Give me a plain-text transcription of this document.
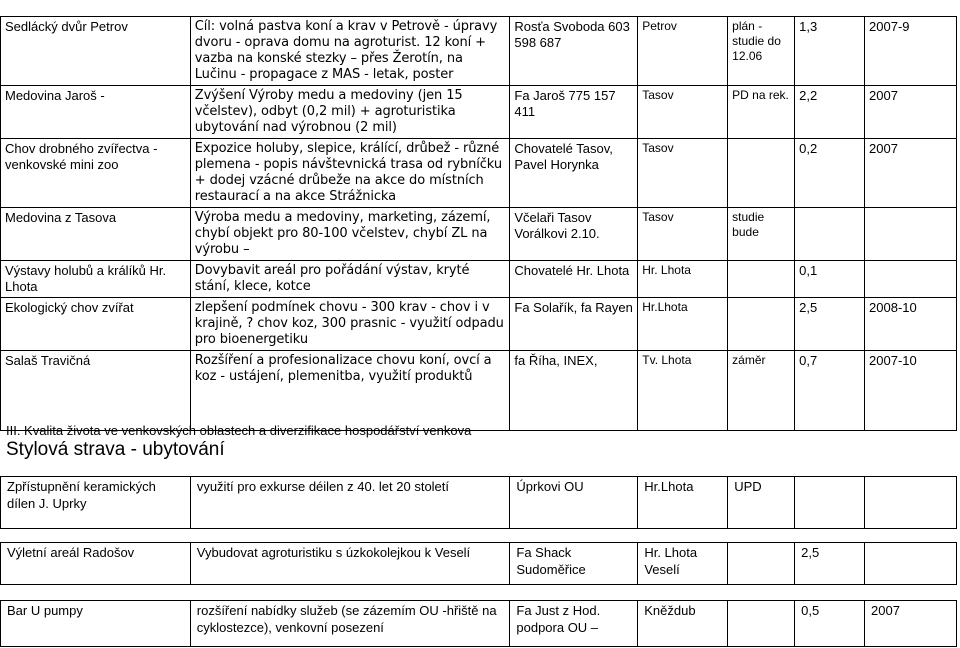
Sedlácký dvůr Petrov	Cíl: volná pastva koní a krav v Petrově - úpravy dvoru - oprava domu na agroturist. 12 koní + vazba na konské stezky – přes Žerotín, na Lučinu - propagace z MAS - letak, poster	Rosťa Svoboda 603 598 687	Petrov	plán - studie do 12.06	1,3	2007-9
Medovina Jaroš -	Zvýšení Výroby medu a medoviny (jen 15 včelstev), odbyt (0,2 mil) + agroturistika ubytování nad výrobnou (2 mil)	Fa Jaroš 775 157 411	Tasov	PD na rek.	2,2	2007
Chov drobného zvířectva - venkovské mini zoo	Expozice holuby, slepice, králící, drůbež - různé plemena - popis návštevnická trasa od rybníčku + dodej vzácné drůbeže na akce do místních restaurací a na akce Strážnicka	Chovatelé Tasov, Pavel Horynka	Tasov		0,2	2007
Medovina z Tasova	Výroba medu a medoviny, marketing, zázemí, chybí objekt pro 80-100 včelstev, chybí ZL na výrobu –	Včelaři Tasov Vorálkovi 2.10.	Tasov	studie bude		
Výstavy holubů a králíků Hr. Lhota	Dovybavit areál pro pořádání výstav, kryté stání, klece, kotce	Chovatelé Hr. Lhota	Hr. Lhota		0,1	
Ekologický chov zvířat	zlepšení podmínek chovu - 300 krav - chov i v krajině, ? chov koz, 300 prasnic - využití odpadu pro bioenergetiku	Fa Solařík, fa Rayen	Hr.Lhota		2,5	2008-10
Salaš Travičná	Rozšíření a profesionalizace chovu koní, ovcí a koz - ustájení, plemenitba, využití produktů	fa Říha, INEX,	Tv. Lhota	záměr	0,7	2007-10
III. Kvalita života ve venkovských oblastech a diverzifikace hospodářství venkova
Stylová strava - ubytování
Zpřístupnění keramických dílen J. Uprky	využití pro exkurse déilen z 40. let 20 století	Úprkovi OU	Hr.Lhota	UPD		
Výletní areál Radošov	Vybudovat agroturistiku s úzkokolejkou k Veselí	Fa Shack Sudoměřice	Hr. Lhota Veselí		2,5	
Bar U pumpy	rozšíření nabídky služeb (se zázemím OU -hřiště na cyklostezce), venkovní posezení	Fa Just z Hod. podpora OU –	Kněždub		0,5	2007
